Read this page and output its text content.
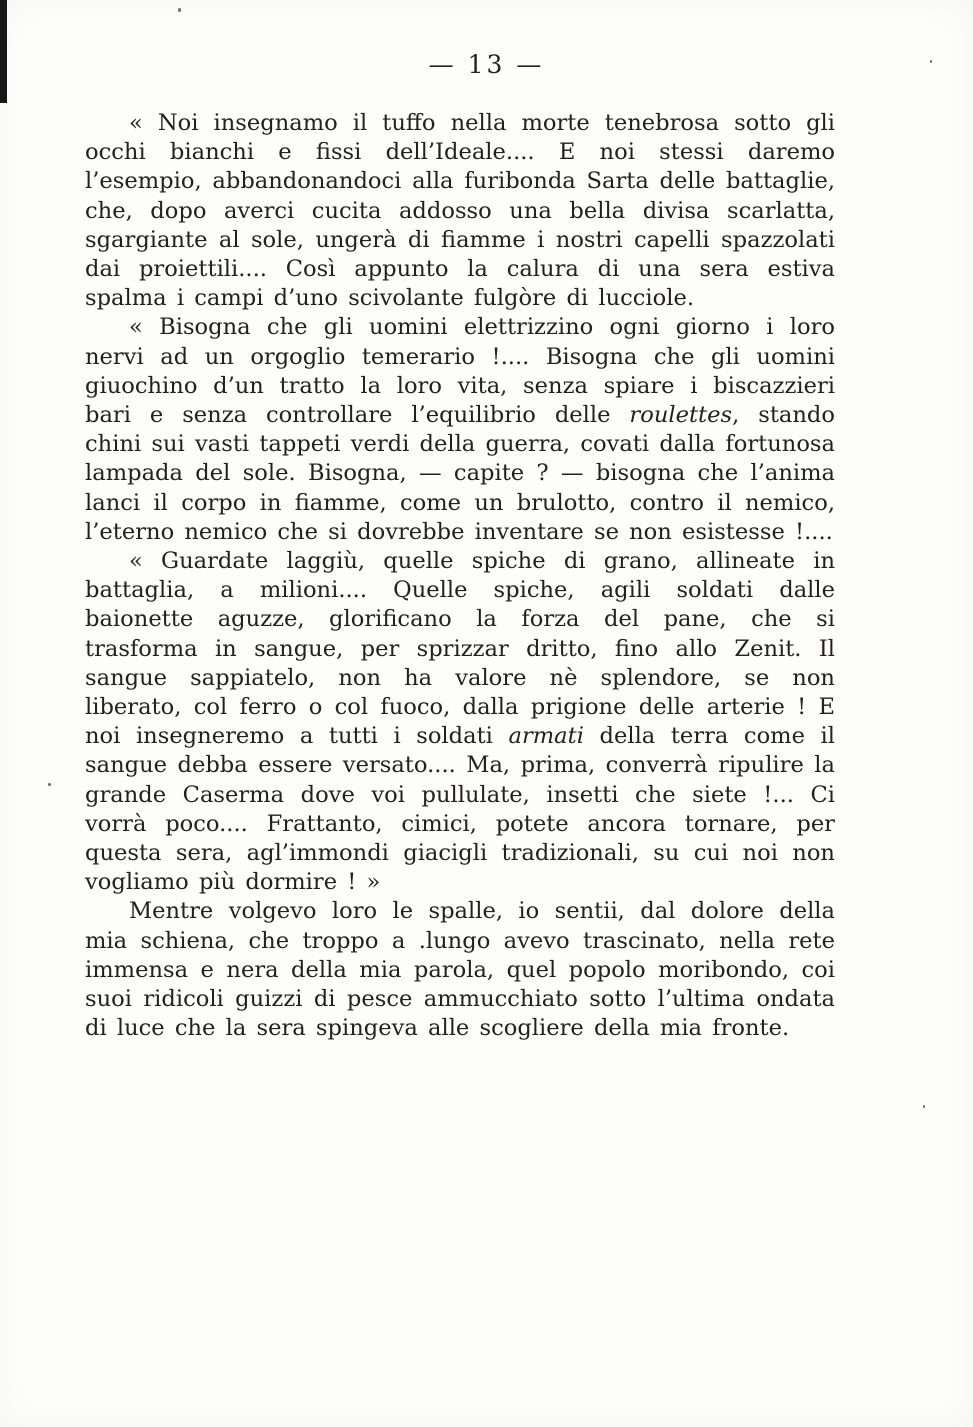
— 13 —

« Noi insegnamo il tuffo nella morte tenebrosa sotto gli occhi bianchi e fissi dell’Ideale.... E noi stessi daremo l’esempio, abbandonandoci alla furibonda Sarta delle battaglie, che, dopo averci cucita addosso una bella divisa scarlatta, sgargiante al sole, ungerà di fiamme i nostri capelli spazzolati dai proiettili.... Così appunto la calura di una sera estiva spalma i campi d’uno scivolante fulgòre di lucciole.

« Bisogna che gli uomini elettrizzino ogni giorno i loro nervi ad un orgoglio temerario !.... Bisogna che gli uomini giuochino d’un tratto la loro vita, senza spiare i biscazzieri bari e senza controllare l’equilibrio delle roulettes, stando chini sui vasti tappeti verdi della guerra, covati dalla fortunosa lampada del sole. Bisogna, — capite ? — bisogna che l’anima lanci il corpo in fiamme, come un brulotto, contro il nemico, l’eterno nemico che si dovrebbe inventare se non esistesse !....

« Guardate laggiù, quelle spiche di grano, allineate in battaglia, a milioni.... Quelle spiche, agili soldati dalle baionette aguzze, glorificano la forza del pane, che si trasforma in sangue, per sprizzar dritto, fino allo Zenit. Il sangue sappiatelo, non ha valore nè splendore, se non liberato, col ferro o col fuoco, dalla prigione delle arterie ! E noi insegneremo a tutti i soldati armati della terra come il sangue debba essere versato.... Ma, prima, converrà ripulire la grande Caserma dove voi pullulate, insetti che siete !... Ci vorrà poco.... Frattanto, cimici, potete ancora tornare, per questa sera, agl’immondi giacigli tradizionali, su cui noi non vogliamo più dormire ! »

Mentre volgevo loro le spalle, io sentii, dal dolore della mia schiena, che troppo a .lungo avevo trascinato, nella rete immensa e nera della mia parola, quel popolo moribondo, coi suoi ridicoli guizzi di pesce ammucchiato sotto l’ultima ondata di luce che la sera spingeva alle scogliere della mia fronte.
